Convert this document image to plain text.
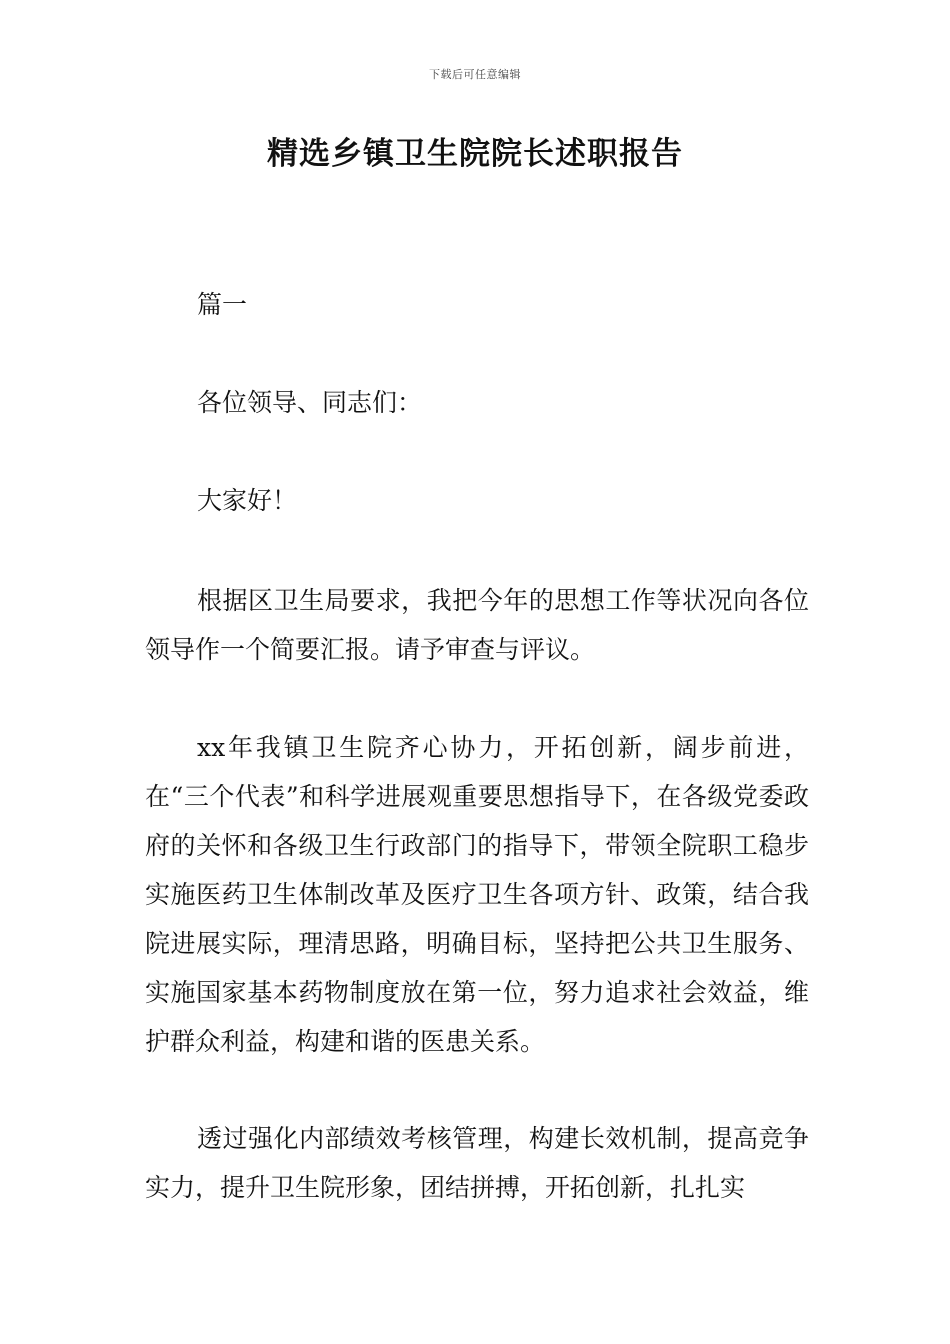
下载后可任意编辑
精选乡镇卫生院院长述职报告

篇一

各位领导、同志们：

大家好！

根据区卫生局要求，我把今年的思想工作等状况向各位领导作一个简要汇报。请予审查与评议。

xx年我镇卫生院齐心协力，开拓创新，阔步前进，在“三个代表”和科学进展观重要思想指导下，在各级党委政府的关怀和各级卫生行政部门的指导下，带领全院职工稳步实施医药卫生体制改革及医疗卫生各项方针、政策，结合我院进展实际，理清思路，明确目标，坚持把公共卫生服务、实施国家基本药物制度放在第一位，努力追求社会效益，维护群众利益，构建和谐的医患关系。

透过强化内部绩效考核管理，构建长效机制，提高竞争实力，提升卫生院形象，团结拼搏，开拓创新，扎扎实
